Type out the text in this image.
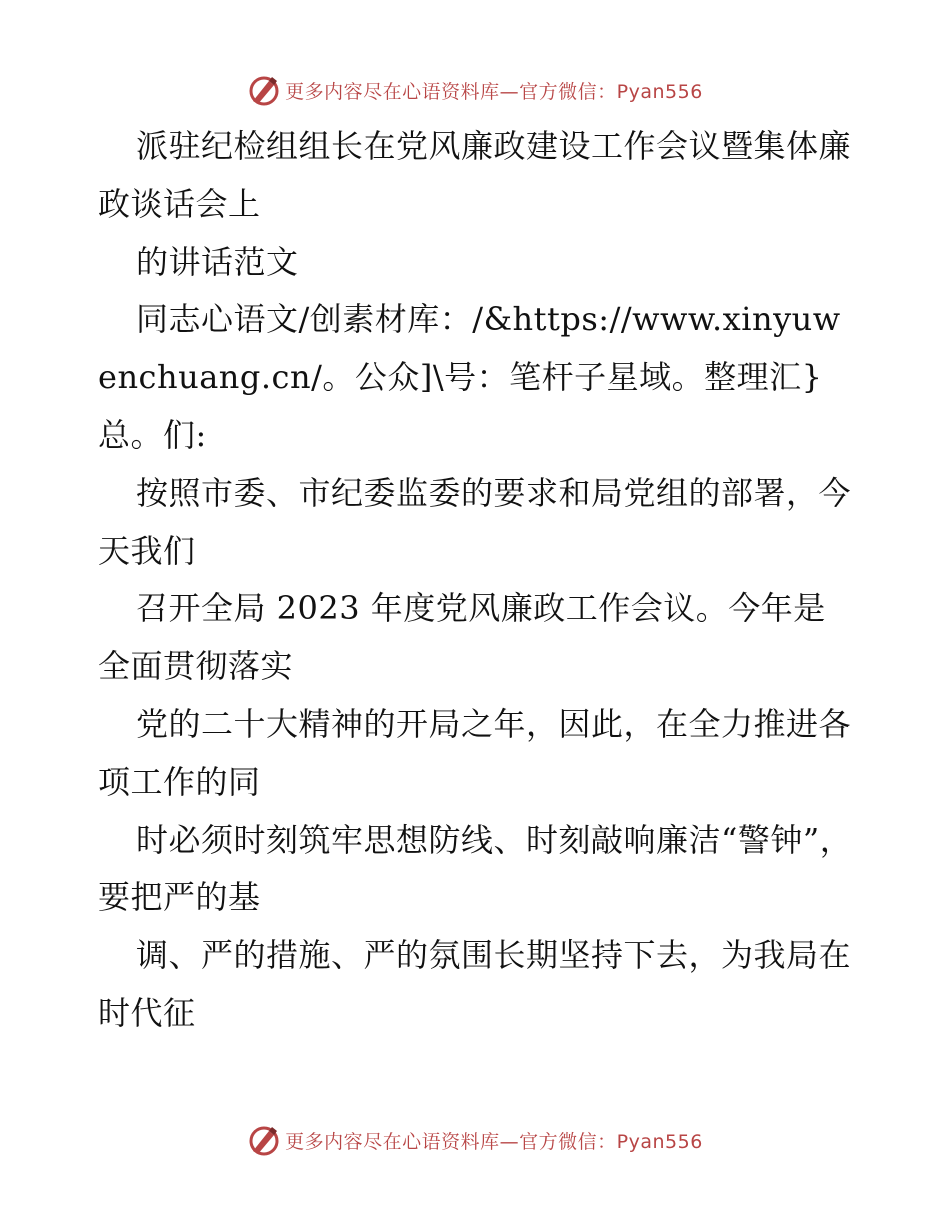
更多内容尽在心语资料库—官方微信：Pyan556

派驻纪检组组长在党风廉政建设工作会议暨集体廉政谈话会上

的讲话范文

同志心语文/创素材库：/&https://www.xinyuwenchuang.cn/。公众]\号：笔杆子星域。整理汇}总。们:

按照市委、市纪委监委的要求和局党组的部署，今天我们

召开全局 2023 年度党风廉政工作会议。今年是全面贯彻落实

党的二十大精神的开局之年，因此，在全力推进各项工作的同

时必须时刻筑牢思想防线、时刻敲响廉洁“警钟”，要把严的基

调、严的措施、严的氛围长期坚持下去，为我局在时代征

更多内容尽在心语资料库—官方微信：Pyan556
